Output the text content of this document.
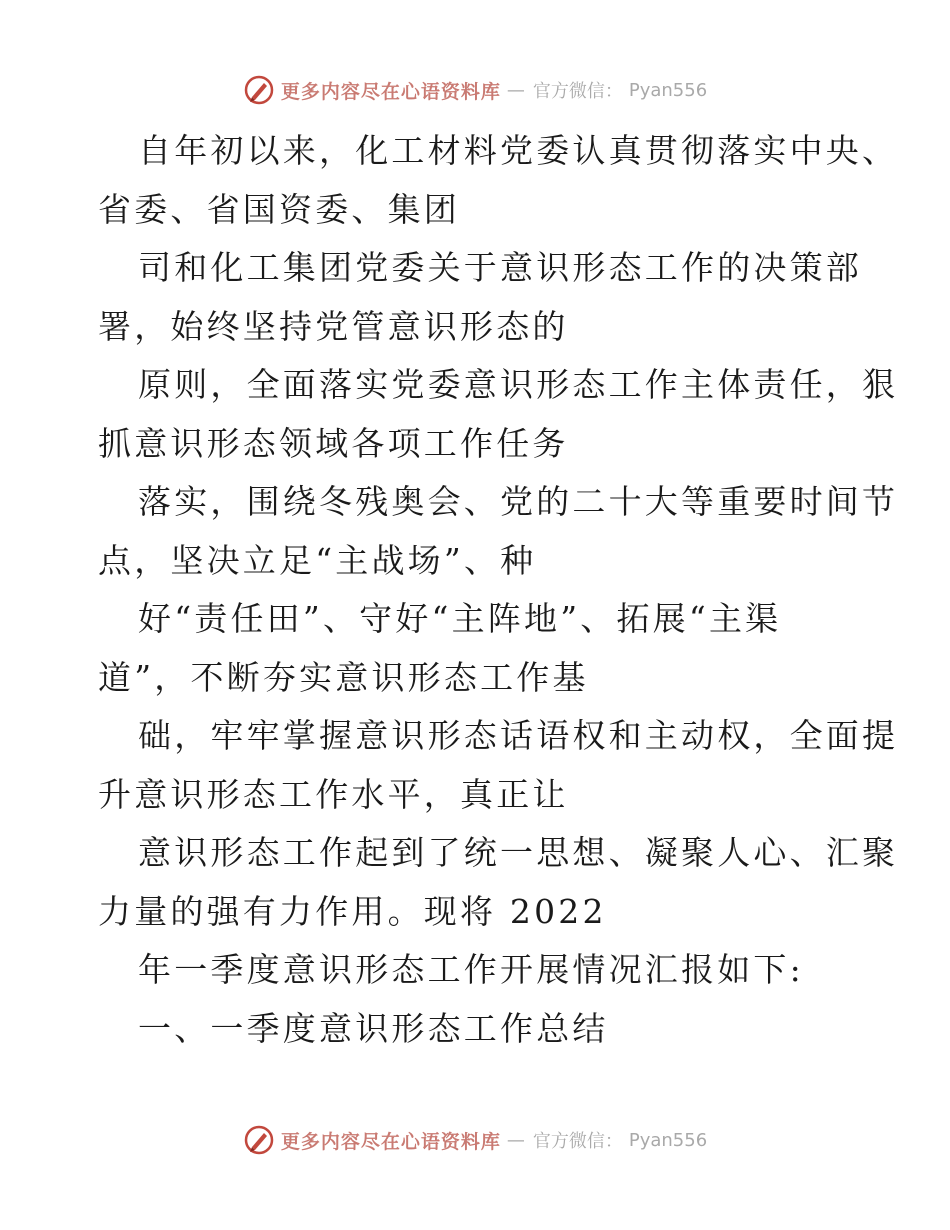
更多内容尽在心语资料库 — 官方微信： Pyan556
自年初以来，化工材料党委认真贯彻落实中央、
省委、省国资委、集团
司和化工集团党委关于意识形态工作的决策部
署，始终坚持党管意识形态的
原则，全面落实党委意识形态工作主体责任，狠
抓意识形态领域各项工作任务
落实，围绕冬残奥会、党的二十大等重要时间节
点，坚决立足“主战场”、种
好“责任田”、守好“主阵地”、拓展“主渠
道”，不断夯实意识形态工作基
础，牢牢掌握意识形态话语权和主动权，全面提
升意识形态工作水平，真正让
意识形态工作起到了统一思想、凝聚人心、汇聚
力量的强有力作用。现将 2022
年一季度意识形态工作开展情况汇报如下:
一、一季度意识形态工作总结
更多内容尽在心语资料库 — 官方微信： Pyan556
